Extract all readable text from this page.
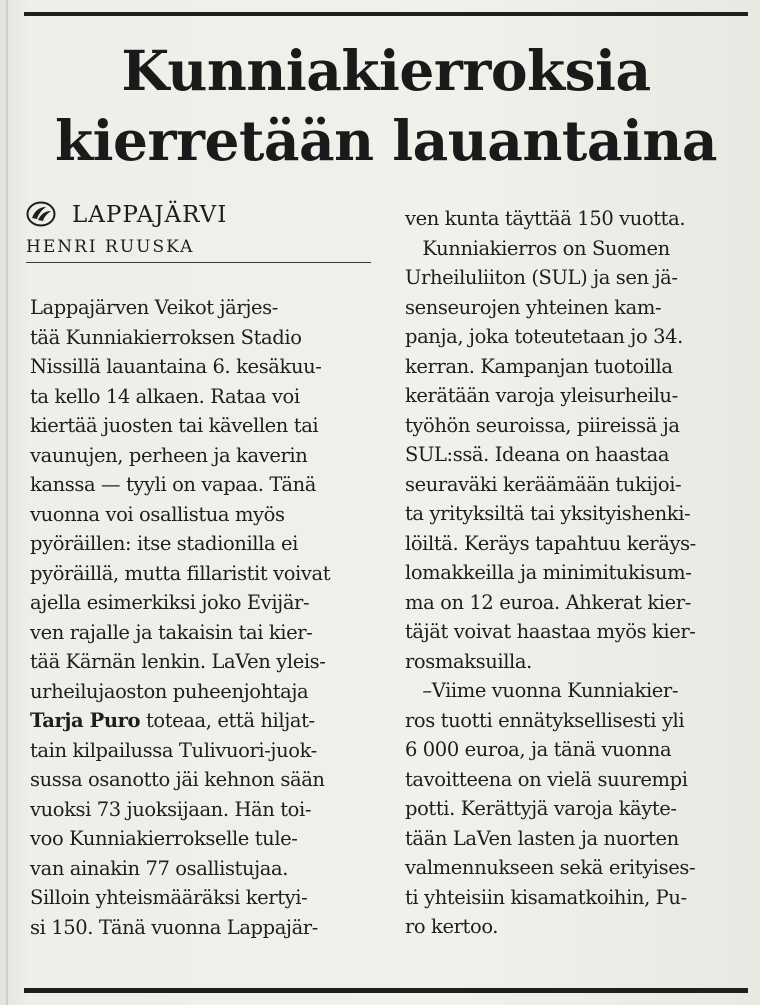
Kunniakierroksia
kierretään lauantaina
LAPPAJÄRVI
HENRI RUUSKA
Lappajärven Veikot järjes-
tää Kunniakierroksen Stadio
Nissillä lauantaina 6. kesäkuu-
ta kello 14 alkaen. Rataa voi
kiertää juosten tai kävellen tai
vaunujen, perheen ja kaverin
kanssa — tyyli on vapaa. Tänä
vuonna voi osallistua myös
pyöräillen: itse stadionilla ei
pyöräillä, mutta fillaristit voivat
ajella esimerkiksi joko Evijär-
ven rajalle ja takaisin tai kier-
tää Kärnän lenkin. LaVen yleis-
urheilujaoston puheenjohtaja
Tarja Puro toteaa, että hiljat-
tain kilpailussa Tulivuori-juok-
sussa osanotto jäi kehnon sään
vuoksi 73 juoksijaan. Hän toi-
voo Kunniakierrokselle tule-
van ainakin 77 osallistujaa.
Silloin yhteismääräksi kertyi-
si 150. Tänä vuonna Lappajär-
ven kunta täyttää 150 vuotta.
Kunniakierros on Suomen
Urheiluliiton (SUL) ja sen jä-
senseurojen yhteinen kam-
panja, joka toteutetaan jo 34.
kerran. Kampanjan tuotoilla
kerätään varoja yleisurheilu-
työhön seuroissa, piireissä ja
SUL:ssä. Ideana on haastaa
seuraväki keräämään tukijoi-
ta yrityksiltä tai yksityishenki-
löiltä. Keräys tapahtuu keräys-
lomakkeilla ja minimitukisum-
ma on 12 euroa. Ahkerat kier-
täjät voivat haastaa myös kier-
rosmaksuilla.
–Viime vuonna Kunniakier-
ros tuotti ennätyksellisesti yli
6 000 euroa, ja tänä vuonna
tavoitteena on vielä suurempi
potti. Kerättyjä varoja käyte-
tään LaVen lasten ja nuorten
valmennukseen sekä erityises-
ti yhteisiin kisamatkoihin, Pu-
ro kertoo.
